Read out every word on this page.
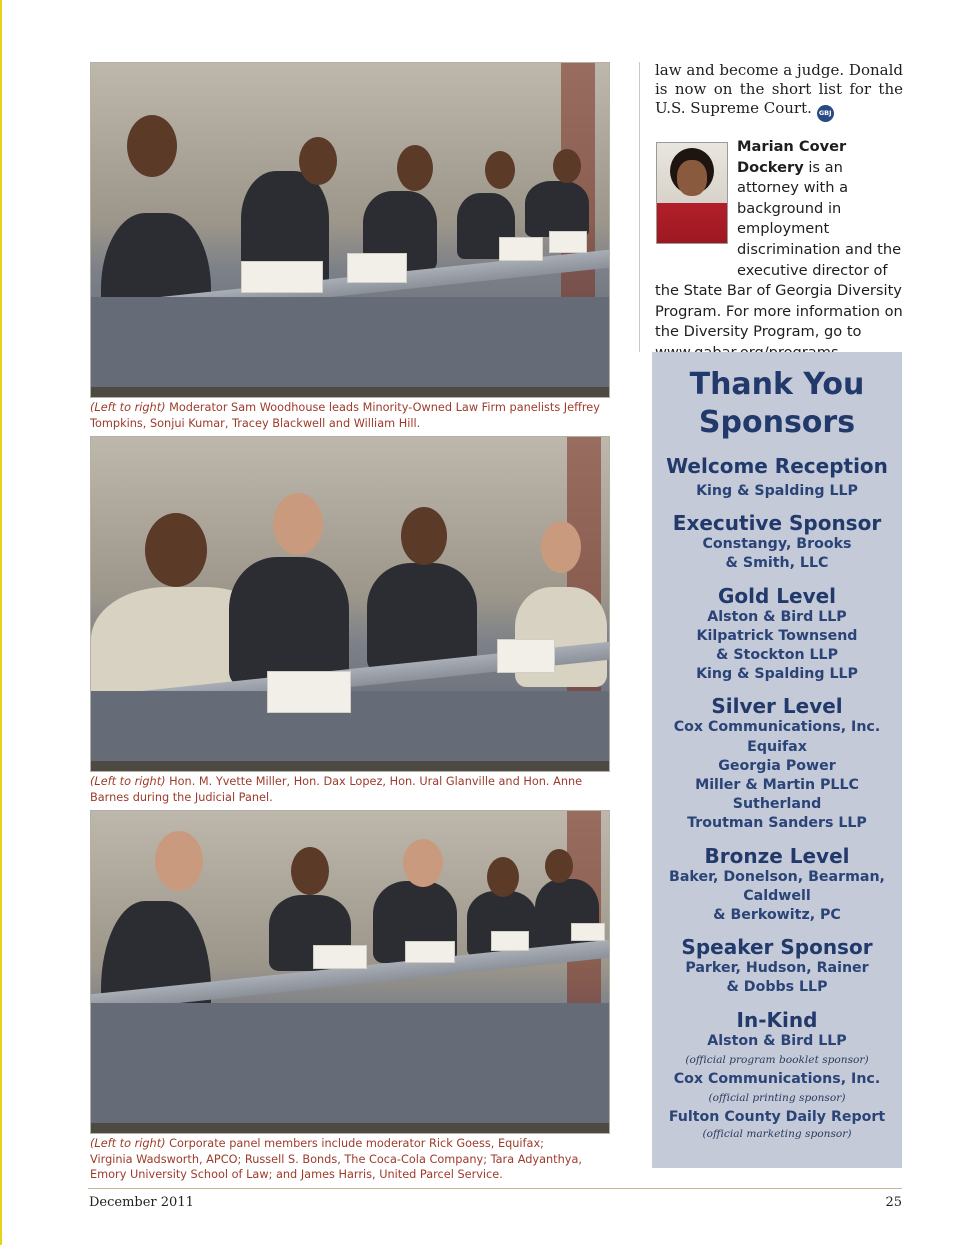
(Left to right) Moderator Sam Woodhouse leads Minority-Owned Law Firm panelists Jeffrey Tompkins, Sonjui Kumar, Tracey Blackwell and William Hill.
(Left to right) Hon. M. Yvette Miller, Hon. Dax Lopez, Hon. Ural Glanville and Hon. Anne Barnes during the Judicial Panel.
(Left to right) Corporate panel members include moderator Rick Goess, Equifax; Virginia Wadsworth, APCO; Russell S. Bonds, The Coca-Cola Company; Tara Adyanthya, Emory University School of Law; and James Harris, United Parcel Service.
law and become a judge. Donald is now on the short list for the U.S. Supreme Court. GBJ
Marian Cover Dockery is an attorney with a background in employment discrimination and the executive director of the State Bar of Georgia Diversity Program. For more information on the Diversity Program, go to
Thank You
Sponsors
Welcome Reception
King & Spalding LLP
Executive Sponsor
Constangy, Brooks
& Smith, LLC
Gold Level
Alston & Bird LLP
Kilpatrick Townsend
& Stockton LLP
King & Spalding LLP
Silver Level
Cox Communications, Inc.
Equifax
Georgia Power
Miller & Martin PLLC
Sutherland
Troutman Sanders LLP
Bronze Level
Baker, Donelson, Bearman,
Caldwell
& Berkowitz, PC
Speaker Sponsor
Parker, Hudson, Rainer
& Dobbs LLP
In-Kind
Alston & Bird LLP
(official program booklet sponsor)
Cox Communications, Inc.
(official printing sponsor)
Fulton County Daily Report
(official marketing sponsor)
December 2011	25
